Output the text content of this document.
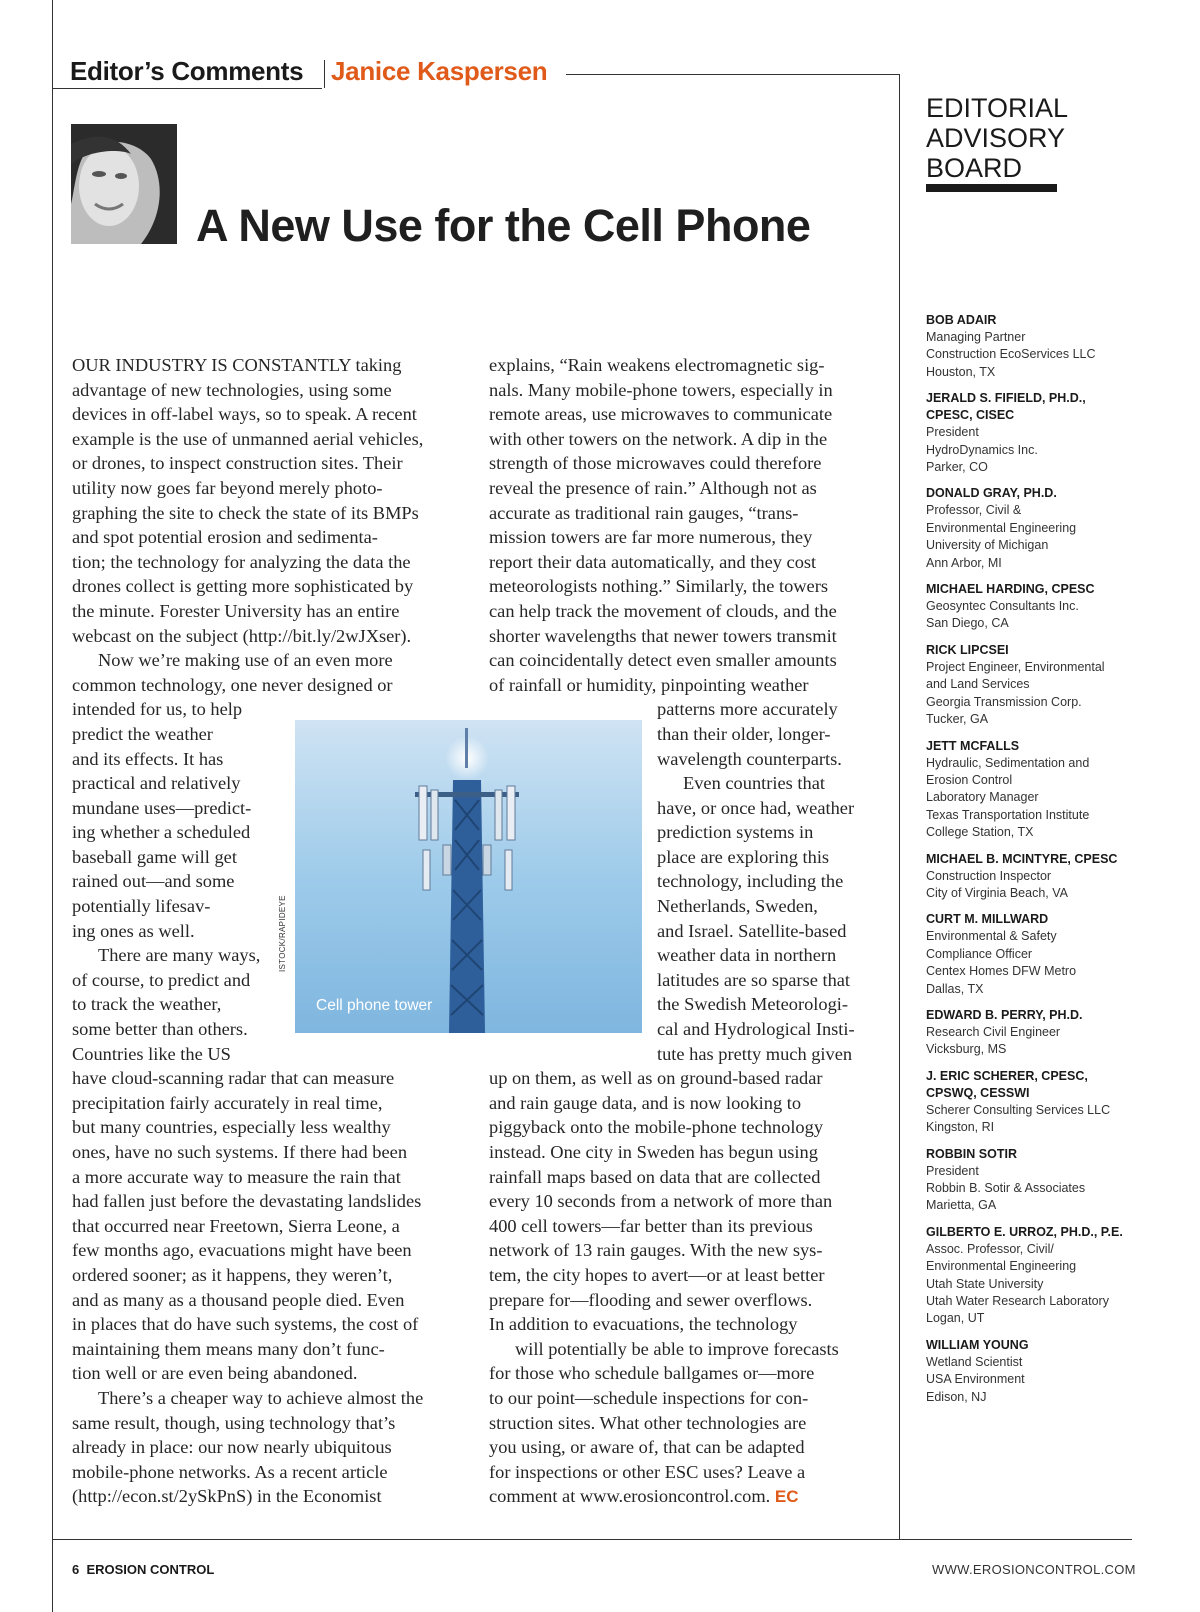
Editor’s Comments Janice Kaspersen
A New Use for the Cell Phone
EDITORIAL
ADVISORY
BOARD
BOB ADAIR
Managing Partner
Construction EcoServices LLC
Houston, TX
JERALD S. FIFIELD, PH.D.,
CPESC, CISEC
President
HydroDynamics Inc.
Parker, CO
DONALD GRAY, PH.D.
Professor, Civil &
Environmental Engineering
University of Michigan
Ann Arbor, MI
MICHAEL HARDING, CPESC
Geosyntec Consultants Inc.
San Diego, CA
RICK LIPCSEI
Project Engineer, Environmental
and Land Services
Georgia Transmission Corp.
Tucker, GA
JETT MCFALLS
Hydraulic, Sedimentation and
Erosion Control
Laboratory Manager
Texas Transportation Institute
College Station, TX
MICHAEL B. MCINTYRE, CPESC
Construction Inspector
City of Virginia Beach, VA
CURT M. MILLWARD
Environmental & Safety
Compliance Officer
Centex Homes DFW Metro
Dallas, TX
EDWARD B. PERRY, PH.D.
Research Civil Engineer
Vicksburg, MS
J. ERIC SCHERER, CPESC,
CPSWQ, CESSWI
Scherer Consulting Services LLC
Kingston, RI
ROBBIN SOTIR
President
Robbin B. Sotir & Associates
Marietta, GA
GILBERTO E. URROZ, PH.D., P.E.
Assoc. Professor, Civil/
Environmental Engineering
Utah State University
Utah Water Research Laboratory
Logan, UT
WILLIAM YOUNG
Wetland Scientist
USA Environment
Edison, NJ
OUR INDUSTRY IS CONSTANTLY taking
advantage of new technologies, using some
devices in off-label ways, so to speak. A recent
example is the use of unmanned aerial vehicles,
or drones, to inspect construction sites. Their
utility now goes far beyond merely photo-
graphing the site to check the state of its BMPs
and spot potential erosion and sedimenta-
tion; the technology for analyzing the data the
drones collect is getting more sophisticated by
the minute. Forester University has an entire
webcast on the subject (http://bit.ly/2wJXser).
Now we’re making use of an even more
common technology, one never designed or
intended for us, to help
predict the weather
and its effects. It has
practical and relatively
mundane uses—predict-
ing whether a scheduled
baseball game will get
rained out—and some
potentially lifesav-
ing ones as well.
There are many ways,
of course, to predict and
to track the weather,
some better than others.
Countries like the US
have cloud-scanning radar that can measure
precipitation fairly accurately in real time,
but many countries, especially less wealthy
ones, have no such systems. If there had been
a more accurate way to measure the rain that
had fallen just before the devastating landslides
that occurred near Freetown, Sierra Leone, a
few months ago, evacuations might have been
ordered sooner; as it happens, they weren’t,
and as many as a thousand people died. Even
in places that do have such systems, the cost of
maintaining them means many don’t func-
tion well or are even being abandoned.
There’s a cheaper way to achieve almost the
same result, though, using technology that’s
already in place: our now nearly ubiquitous
mobile-phone networks. As a recent article
(http://econ.st/2ySkPnS) in the Economist
explains, “Rain weakens electromagnetic sig-
nals. Many mobile-phone towers, especially in
remote areas, use microwaves to communicate
with other towers on the network. A dip in the
strength of those microwaves could therefore
reveal the presence of rain.” Although not as
accurate as traditional rain gauges, “trans-
mission towers are far more numerous, they
report their data automatically, and they cost
meteorologists nothing.” Similarly, the towers
can help track the movement of clouds, and the
shorter wavelengths that newer towers transmit
can coincidentally detect even smaller amounts
of rainfall or humidity, pinpointing weather
patterns more accurately
than their older, longer-
wavelength counterparts.
Even countries that
have, or once had, weather
prediction systems in
place are exploring this
technology, including the
Netherlands, Sweden,
and Israel. Satellite-based
weather data in northern
latitudes are so sparse that
the Swedish Meteorologi-
cal and Hydrological Insti-
tute has pretty much given
up on them, as well as on ground-based radar
and rain gauge data, and is now looking to
piggyback onto the mobile-phone technology
instead. One city in Sweden has begun using
rainfall maps based on data that are collected
every 10 seconds from a network of more than
400 cell towers—far better than its previous
network of 13 rain gauges. With the new sys-
tem, the city hopes to avert—or at least better
prepare for—flooding and sewer overflows.
In addition to evacuations, the technology
will potentially be able to improve forecasts
for those who schedule ballgames or—more
to our point—schedule inspections for con-
struction sites. What other technologies are
you using, or aware of, that can be adapted
for inspections or other ESC uses? Leave a
comment at www.erosioncontrol.com. EC
Cell phone tower
ISTOCK/RAPIDEYE
6 EROSION CONTROL	WWW.EROSIONCONTROL.COM
